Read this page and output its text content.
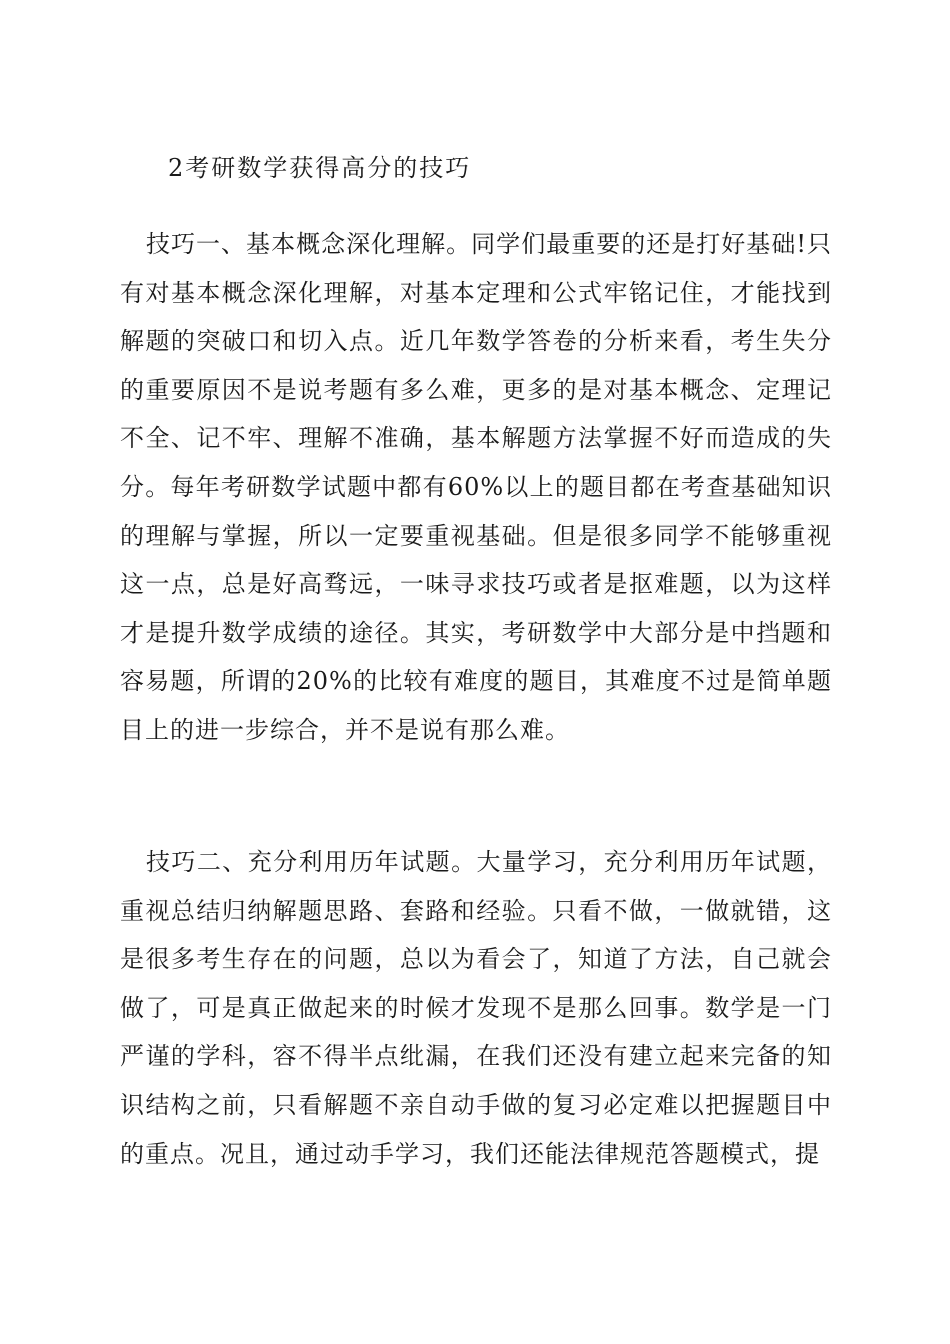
2考研数学获得高分的技巧

技巧一、基本概念深化理解。同学们最重要的还是打好基础!只有对基本概念深化理解，对基本定理和公式牢铭记住，才能找到解题的突破口和切入点。近几年数学答卷的分析来看，考生失分的重要原因不是说考题有多么难，更多的是对基本概念、定理记不全、记不牢、理解不准确，基本解题方法掌握不好而造成的失分。每年考研数学试题中都有60%以上的题目都在考查基础知识的理解与掌握，所以一定要重视基础。但是很多同学不能够重视这一点，总是好高骛远，一味寻求技巧或者是抠难题，以为这样才是提升数学成绩的途径。其实，考研数学中大部分是中挡题和容易题，所谓的20%的比较有难度的题目，其难度不过是简单题目上的进一步综合，并不是说有那么难。

技巧二、充分利用历年试题。大量学习，充分利用历年试题，重视总结归纳解题思路、套路和经验。只看不做，一做就错，这是很多考生存在的问题，总以为看会了，知道了方法，自己就会做了，可是真正做起来的时候才发现不是那么回事。数学是一门严谨的学科，容不得半点纰漏，在我们还没有建立起来完备的知识结构之前，只看解题不亲自动手做的复习必定难以把握题目中的重点。况且，通过动手学习，我们还能法律规范答题模式，提
